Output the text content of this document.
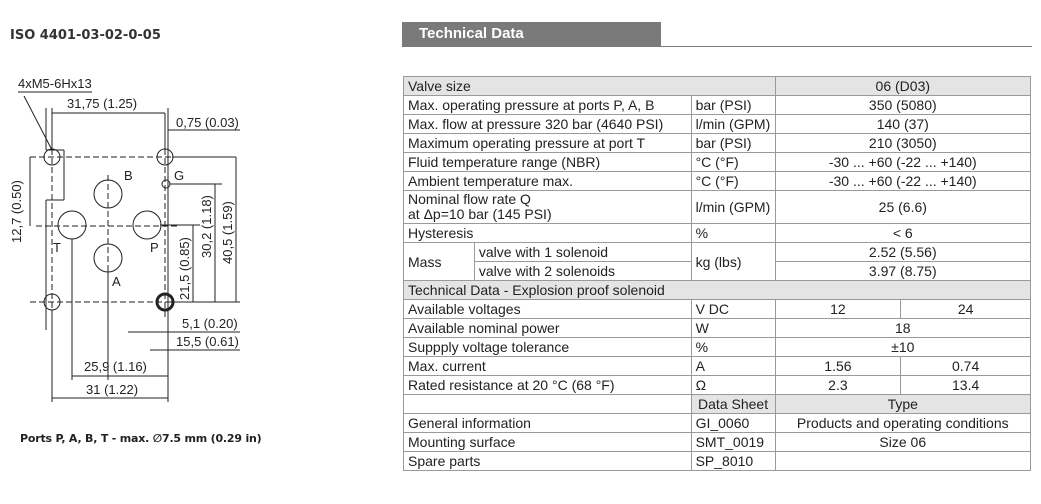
ISO 4401-03-02-0-05
4xM5-6Hx13
31,75 (1.25)
0,75 (0.03)
12,7 (0.50)	40,5 (1.59)
30,2 (1.18)
21,5 (0.85)
5,1 (0.20)
15,5 (0.61)
25,9 (1.16)
31 (1.22)
B	G
T	P
A
Ports P, A, B, T - max. ∅7.5 mm (0.29 in)
Technical Data
Valve size			06 (D03)	
Max. operating pressure at ports P, A, B		bar (PSI)	350 (5080)	
Max. flow at pressure 320 bar (4640 PSI)		l/min (GPM)	140 (37)	
Maximum operating pressure at port T		bar (PSI)	210 (3050)	
Fluid temperature range (NBR)		°C (°F)	-30 ... +60 (-22 ... +140)	
Ambient temperature max.		°C (°F)	-30 ... +60 (-22 ... +140)	

Nominal flow rate Q
at Δp=10 bar (145 PSI)		l/min (GPM)	25 (6.6)	
Hysteresis		%	< 6	
Mass	valve with 1 solenoid	kg (lbs)	2.52 (5.56)	
	valve with 2 solenoids		3.97 (8.75)	
Technical Data - Explosion proof solenoid				
Available voltages		V DC	12	24
Available nominal power		W	18	
Suppply voltage tolerance		%	±10	
Max. current		A	1.56	0.74
Rated resistance at 20 °C (68 °F)		Ω	2.3	13.4
		Data Sheet	Type	
General information		GI_0060	Products and operating conditions	
Mounting surface		SMT_0019	Size 06	
Spare parts		SP_8010		
